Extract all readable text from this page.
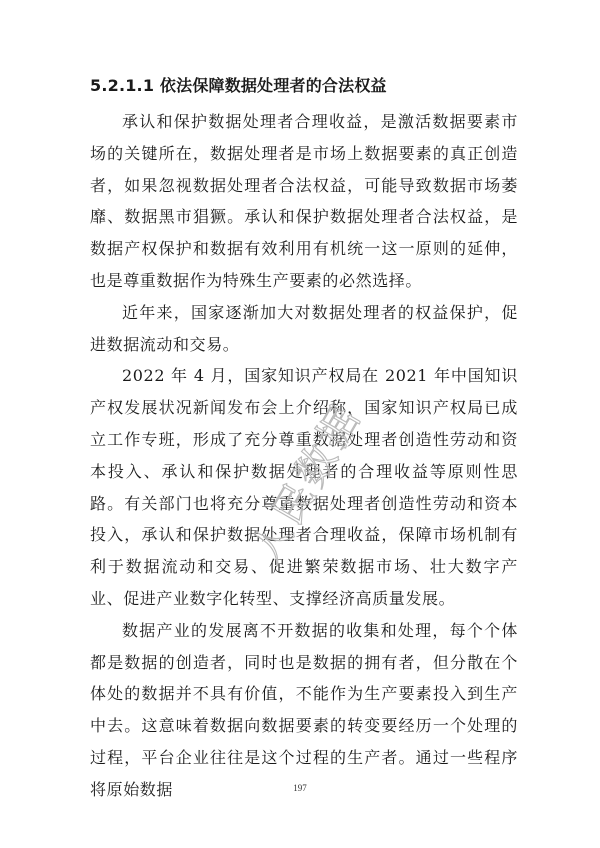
5.2.1.1 依法保障数据处理者的合法权益

承认和保护数据处理者合理收益，是激活数据要素市场的关键所在，数据处理者是市场上数据要素的真正创造者，如果忽视数据处理者合法权益，可能导致数据市场萎靡、数据黑市猖獗。承认和保护数据处理者合法权益，是数据产权保护和数据有效利用有机统一这一原则的延伸，也是尊重数据作为特殊生产要素的必然选择。

近年来，国家逐渐加大对数据处理者的权益保护，促进数据流动和交易。

2022 年 4 月，国家知识产权局在 2021 年中国知识产权发展状况新闻发布会上介绍称，国家知识产权局已成立工作专班，形成了充分尊重数据处理者创造性劳动和资本投入、承认和保护数据处理者的合理收益等原则性思路。有关部门也将充分尊重数据处理者创造性劳动和资本投入，承认和保护数据处理者合理收益，保障市场机制有利于数据流动和交易、促进繁荣数据市场、壮大数字产业、促进产业数字化转型、支撑经济高质量发展。

数据产业的发展离不开数据的收集和处理，每个个体都是数据的创造者，同时也是数据的拥有者，但分散在个体处的数据并不具有价值，不能作为生产要素投入到生产中去。这意味着数据向数据要素的转变要经历一个处理的过程，平台企业往往是这个过程的生产者。通过一些程序将原始数据

人民数据
197
